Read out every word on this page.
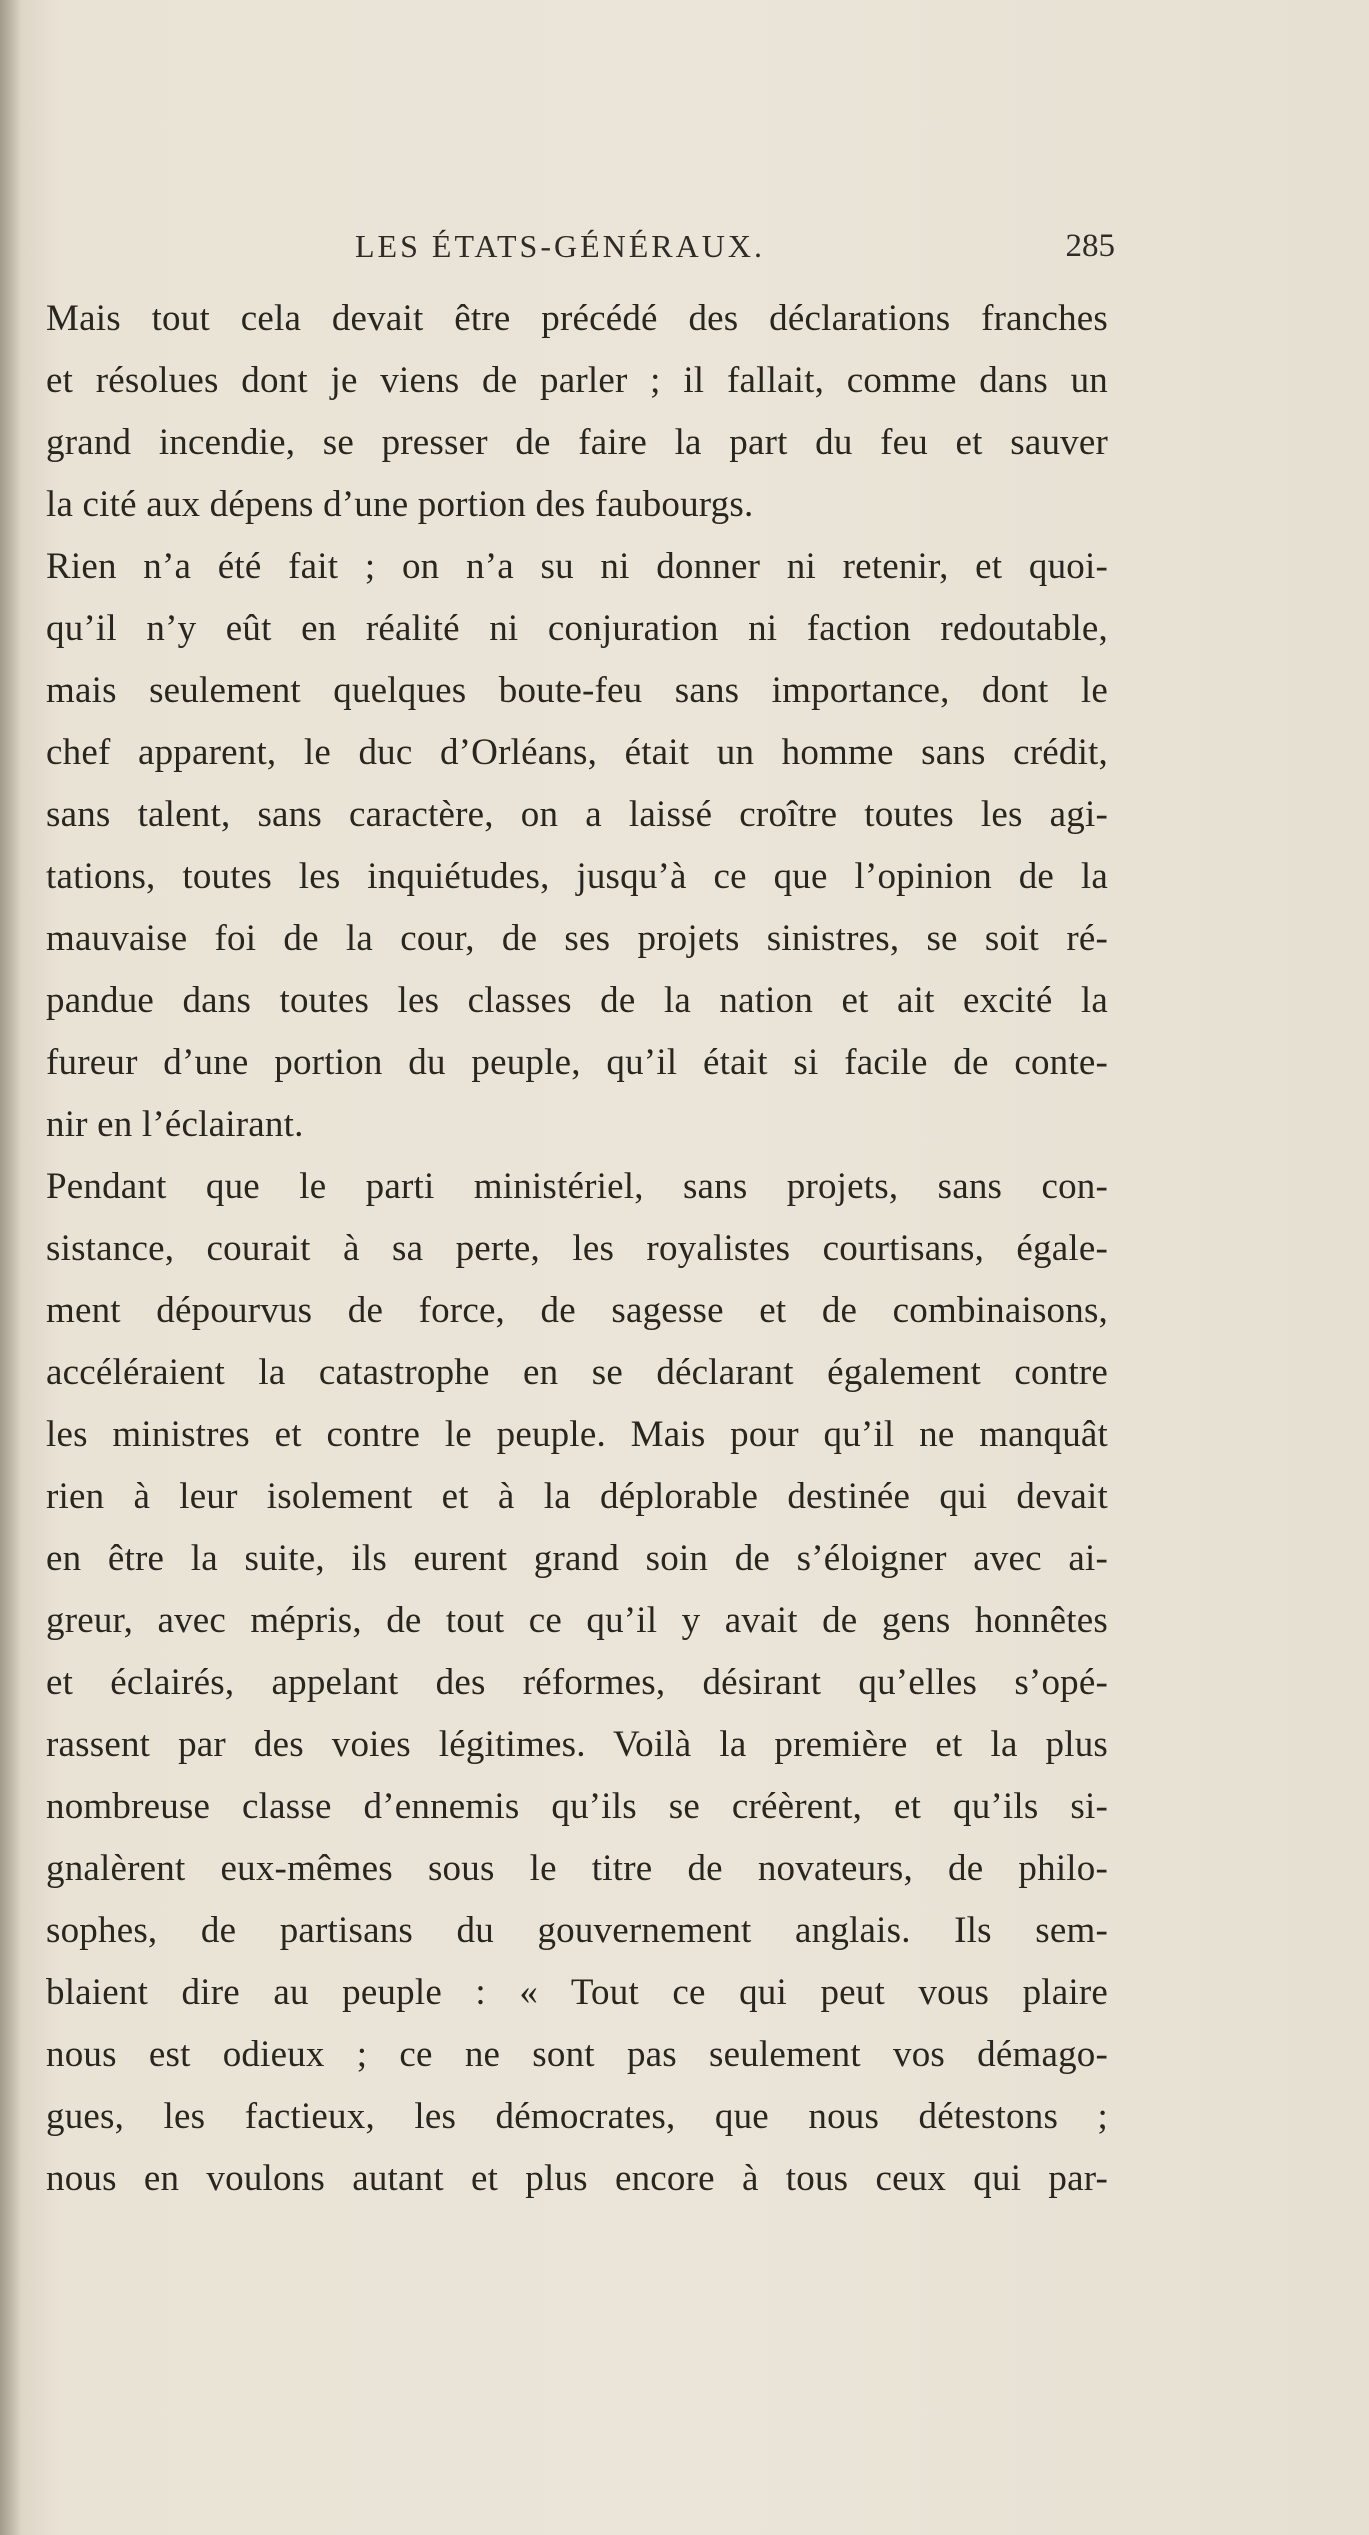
LES ÉTATS-GÉNÉRAUX.	285
Mais tout cela devait être précédé des déclarations franches
et résolues dont je viens de parler ; il fallait, comme dans un
grand incendie, se presser de faire la part du feu et sauver
la cité aux dépens d’une portion des faubourgs.
Rien n’a été fait ; on n’a su ni donner ni retenir, et quoi-
qu’il n’y eût en réalité ni conjuration ni faction redoutable,
mais seulement quelques boute-feu sans importance, dont le
chef apparent, le duc d’Orléans, était un homme sans crédit,
sans talent, sans caractère, on a laissé croître toutes les agi-
tations, toutes les inquiétudes, jusqu’à ce que l’opinion de la
mauvaise foi de la cour, de ses projets sinistres, se soit ré-
pandue dans toutes les classes de la nation et ait excité la
fureur d’une portion du peuple, qu’il était si facile de conte-
nir en l’éclairant.
Pendant que le parti ministériel, sans projets, sans con-
sistance, courait à sa perte, les royalistes courtisans, égale-
ment dépourvus de force, de sagesse et de combinaisons,
accéléraient la catastrophe en se déclarant également contre
les ministres et contre le peuple. Mais pour qu’il ne manquât
rien à leur isolement et à la déplorable destinée qui devait
en être la suite, ils eurent grand soin de s’éloigner avec ai-
greur, avec mépris, de tout ce qu’il y avait de gens honnêtes
et éclairés, appelant des réformes, désirant qu’elles s’opé-
rassent par des voies légitimes. Voilà la première et la plus
nombreuse classe d’ennemis qu’ils se créèrent, et qu’ils si-
gnalèrent eux-mêmes sous le titre de novateurs, de philo-
sophes, de partisans du gouvernement anglais. Ils sem-
blaient dire au peuple : « Tout ce qui peut vous plaire
nous est odieux ; ce ne sont pas seulement vos démago-
gues, les factieux, les démocrates, que nous détestons ;
nous en voulons autant et plus encore à tous ceux qui par-
